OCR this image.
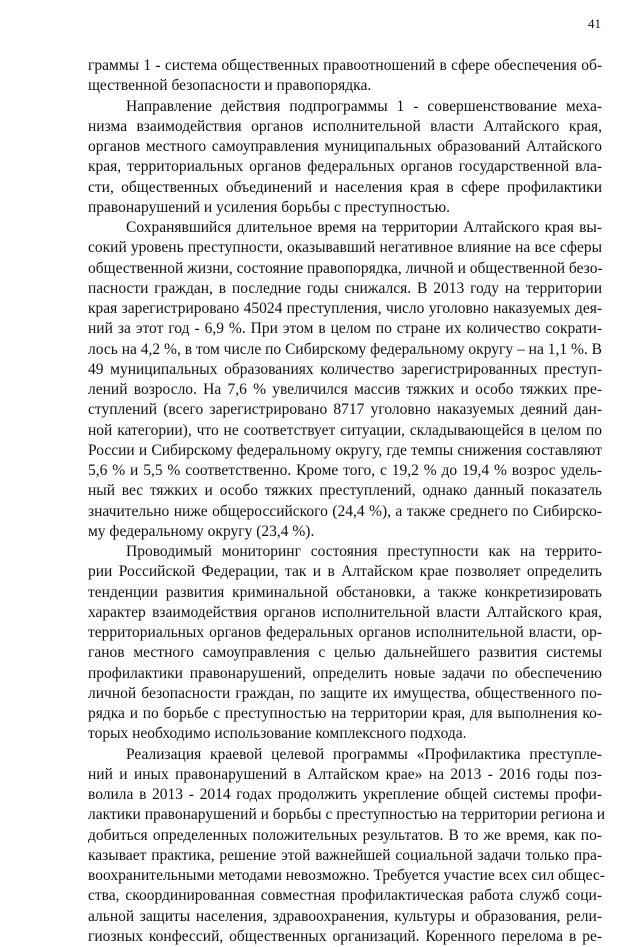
41
граммы 1 - система общественных правоотношений в сфере обеспечения об-
щественной безопасности и правопорядка.
Направление действия подпрограммы 1 - совершенствование меха-
низма взаимодействия органов исполнительной власти Алтайского края,
органов местного самоуправления муниципальных образований Алтайского
края, территориальных органов федеральных органов государственной вла-
сти, общественных объединений и населения края в сфере профилактики
правонарушений и усиления борьбы с преступностью.
Сохранявшийся длительное время на территории Алтайского края вы-
сокий уровень преступности, оказывавший негативное влияние на все сферы
общественной жизни, состояние правопорядка, личной и общественной безо-
пасности граждан, в последние годы снижался. В 2013 году на территории
края зарегистрировано 45024 преступления, число уголовно наказуемых дея-
ний за этот год - 6,9 %. При этом в целом по стране их количество сократи-
лось на 4,2 %, в том числе по Сибирскому федеральному округу – на 1,1 %. В
49 муниципальных образованиях количество зарегистрированных преступ-
лений возросло. На 7,6 % увеличился массив тяжких и особо тяжких пре-
ступлений (всего зарегистрировано 8717 уголовно наказуемых деяний дан-
ной категории), что не соответствует ситуации, складывающейся в целом по
России и Сибирскому федеральному округу, где темпы снижения составляют
5,6 % и 5,5 % соответственно. Кроме того, с 19,2 % до 19,4 % возрос удель-
ный вес тяжких и особо тяжких преступлений, однако данный показатель
значительно ниже общероссийского (24,4 %), а также среднего по Сибирско-
му федеральному округу (23,4 %).
Проводимый мониторинг состояния преступности как на террито-
рии Российской Федерации, так и в Алтайском крае позволяет определить
тенденции развития криминальной обстановки, а также конкретизировать
характер взаимодействия органов исполнительной власти Алтайского края,
территориальных органов федеральных органов исполнительной власти, ор-
ганов местного самоуправления с целью дальнейшего развития системы
профилактики правонарушений, определить новые задачи по обеспечению
личной безопасности граждан, по защите их имущества, общественного по-
рядка и по борьбе с преступностью на территории края, для выполнения ко-
торых необходимо использование комплексного подхода.
Реализация краевой целевой программы «Профилактика преступле-
ний и иных правонарушений в Алтайском крае» на 2013 - 2016 годы поз-
волила в 2013 - 2014 годах продолжить укрепление общей системы профи-
лактики правонарушений и борьбы с преступностью на территории региона и
добиться определенных положительных результатов. В то же время, как по-
казывает практика, решение этой важнейшей социальной задачи только пра-
воохранительными методами невозможно. Требуется участие всех сил общес-
ства, скоординированная совместная профилактическая работа служб соци-
альной защиты населения, здравоохранения, культуры и образования, рели-
гиозных конфессий, общественных организаций. Коренного перелома в ре-
